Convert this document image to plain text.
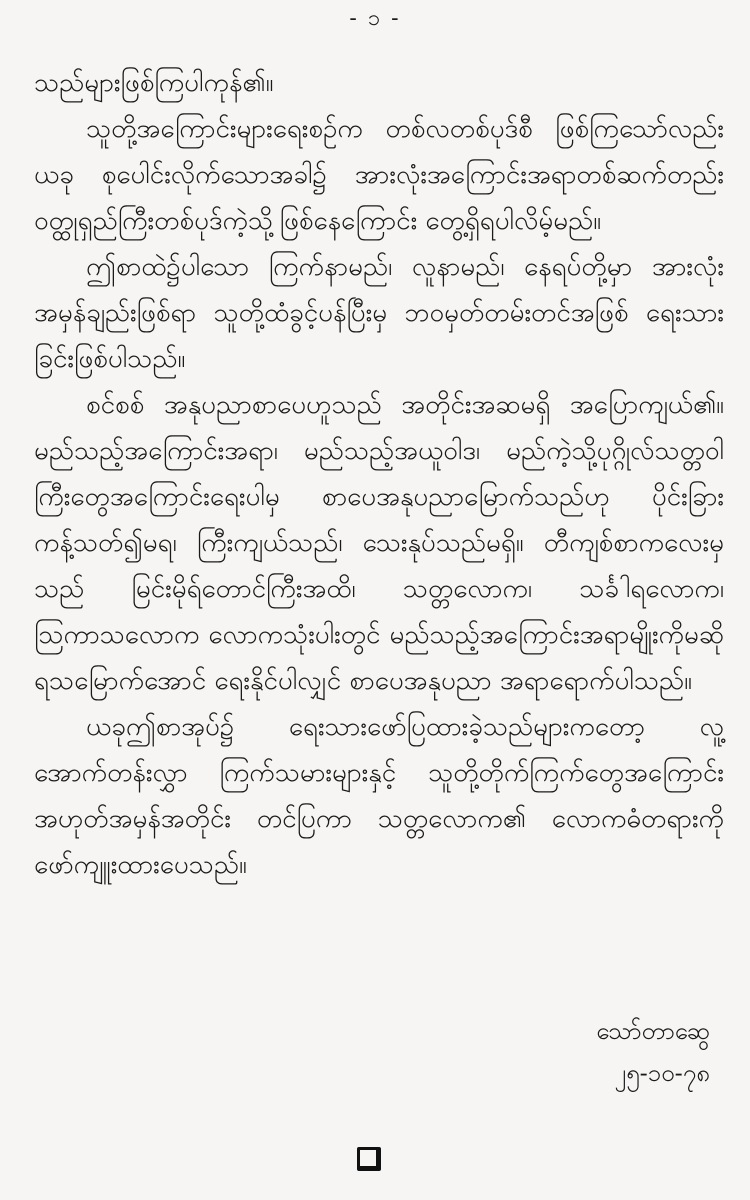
- ၁ -

သည်များဖြစ်ကြပါကုန်၏။

သူတို့အကြောင်းများရေးစဉ်က တစ်လတစ်ပုဒ်စီ ဖြစ်ကြသော်လည်း ယခု စုပေါင်းလိုက်သောအခါ၌ အားလုံးအကြောင်းအရာတစ်ဆက်တည်း ဝတ္ထုရှည်ကြီးတစ်ပုဒ်ကဲ့သို့ဖြစ်နေကြောင်း တွေ့ရှိရပါလိမ့်မည်။

ဤစာထဲ၌ပါသော ကြက်နာမည်၊ လူနာမည်၊ နေရပ်တို့မှာ အားလုံး အမှန်ချည်းဖြစ်ရာ သူတို့ထံခွင့်ပန်ပြီးမှ ဘဝမှတ်တမ်းတင်အဖြစ် ရေးသားခြင်းဖြစ်ပါသည်။

စင်စစ် အနုပညာစာပေဟူသည် အတိုင်းအဆမရှိ အပြောကျယ်၏။ မည်သည့်အကြောင်းအရာ၊ မည်သည့်အယူဝါဒ၊ မည်ကဲ့သို့ပုဂ္ဂိုလ်သတ္တဝါ ကြီးတွေအကြောင်းရေးပါမှ စာပေအနုပညာမြောက်သည်ဟု ပိုင်းခြား ကန့်သတ်၍မရ၊ ကြီးကျယ်သည်၊ သေးနုပ်သည်မရှိ။ တီကျစ်စာကလေးမှသည် မြင်းမိုရ်တောင်ကြီးအထိ၊ သတ္တလောက၊ သင်္ခါရလောက၊ ဩကာသလောက လောကသုံးပါးတွင် မည်သည့်အကြောင်းအရာမျိုးကိုမဆို ရသမြောက်အောင် ရေးနိုင်ပါလျှင် စာပေအနုပညာ အရာရောက်ပါသည်။

ယခုဤစာအုပ်၌ ရေးသားဖော်ပြထားခဲ့သည်များကတော့ လူ့အောက်တန်းလွှာ ကြက်သမားများနှင့် သူတို့တိုက်ကြက်တွေအကြောင်း အဟုတ်အမှန်အတိုင်း တင်ပြကာ သတ္တလောက၏ လောကဓံတရားကို ဖော်ကျူးထားပေသည်။

သော်တာဆွေ
၂၅-၁၀-၇၈
